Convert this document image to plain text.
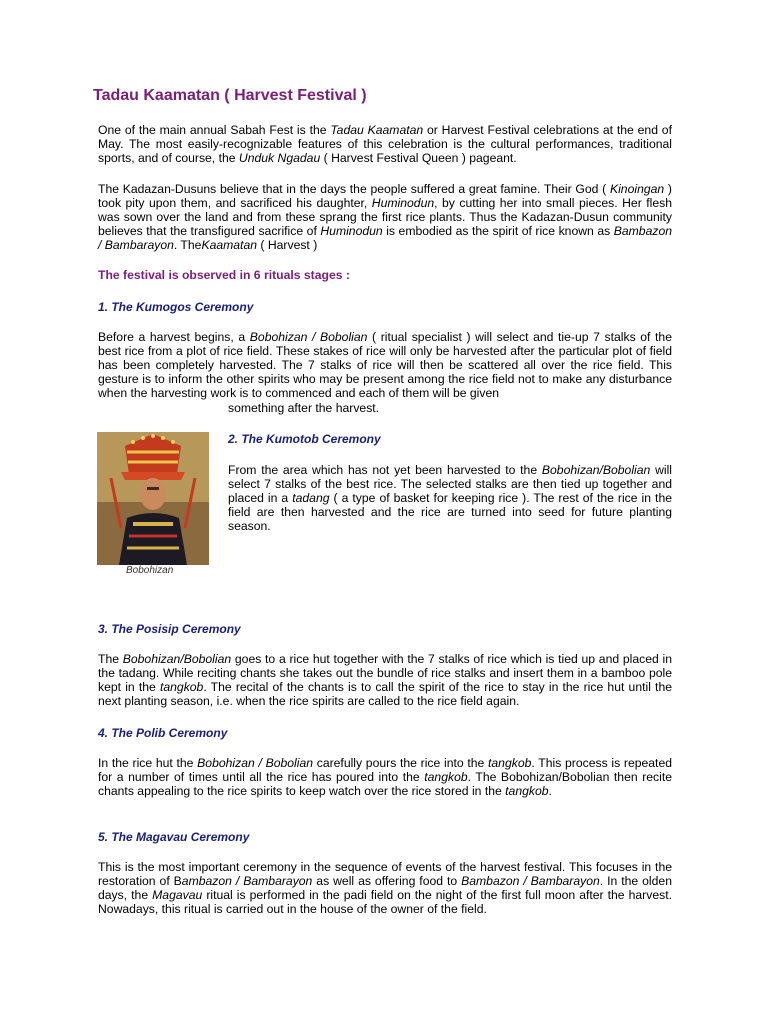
Tadau Kaamatan ( Harvest Festival )

One of the main annual Sabah Fest is the Tadau Kaamatan or Harvest Festival celebrations at the end of May. The most easily-recognizable features of this celebration is the cultural performances, traditional sports, and of course, the Unduk Ngadau ( Harvest Festival Queen ) pageant.

The Kadazan-Dusuns believe that in the days the people suffered a great famine. Their God ( Kinoingan ) took pity upon them, and sacrificed his daughter, Huminodun, by cutting her into small pieces. Her flesh was sown over the land and from these sprang the first rice plants. Thus the Kadazan-Dusun community believes that the transfigured sacrifice of Huminodun is embodied as the spirit of rice known as Bambazon / Bambarayon. TheKaamatan ( Harvest )

The festival is observed in 6 rituals stages :
1. The Kumogos Ceremony

Before a harvest begins, a Bobohizan / Bobolian ( ritual specialist ) will select and tie-up 7 stalks of the best rice from a plot of rice field. These stakes of rice will only be harvested after the particular plot of field has been completely harvested. The 7 stalks of rice will then be scattered all over the rice field. This gesture is to inform the other spirits who may be present among the rice field not to make any disturbance when the harvesting work is to commenced and each of them will be given

something after the harvest.

Bobohizan

2. The Kumotob Ceremony

From the area which has not yet been harvested to the Bobohizan/Bobolian will select 7 stalks of the best rice. The selected stalks are then tied up together and placed in a tadang ( a type of basket for keeping rice ). The rest of the rice in the field are then harvested and the rice are turned into seed for future planting season.

3. The Posisip Ceremony

The Bobohizan/Bobolian goes to a rice hut together with the 7 stalks of rice which is tied up and placed in the tadang. While reciting chants she takes out the bundle of rice stalks and insert them in a bamboo pole kept in the tangkob. The recital of the chants is to call the spirit of the rice to stay in the rice hut until the next planting season, i.e. when the rice spirits are called to the rice field again.

4. The Polib Ceremony

In the rice hut the Bobohizan / Bobolian carefully pours the rice into the tangkob. This process is repeated for a number of times until all the rice has poured into the tangkob. The Bobohizan/Bobolian then recite chants appealing to the rice spirits to keep watch over the rice stored in the tangkob.

5. The Magavau Ceremony

This is the most important ceremony in the sequence of events of the harvest festival. This focuses in the restoration of Bambazon / Bambarayon as well as offering food to Bambazon / Bambarayon. In the olden days, the Magavau ritual is performed in the padi field on the night of the first full moon after the harvest. Nowadays, this ritual is carried out in the house of the owner of the field.
